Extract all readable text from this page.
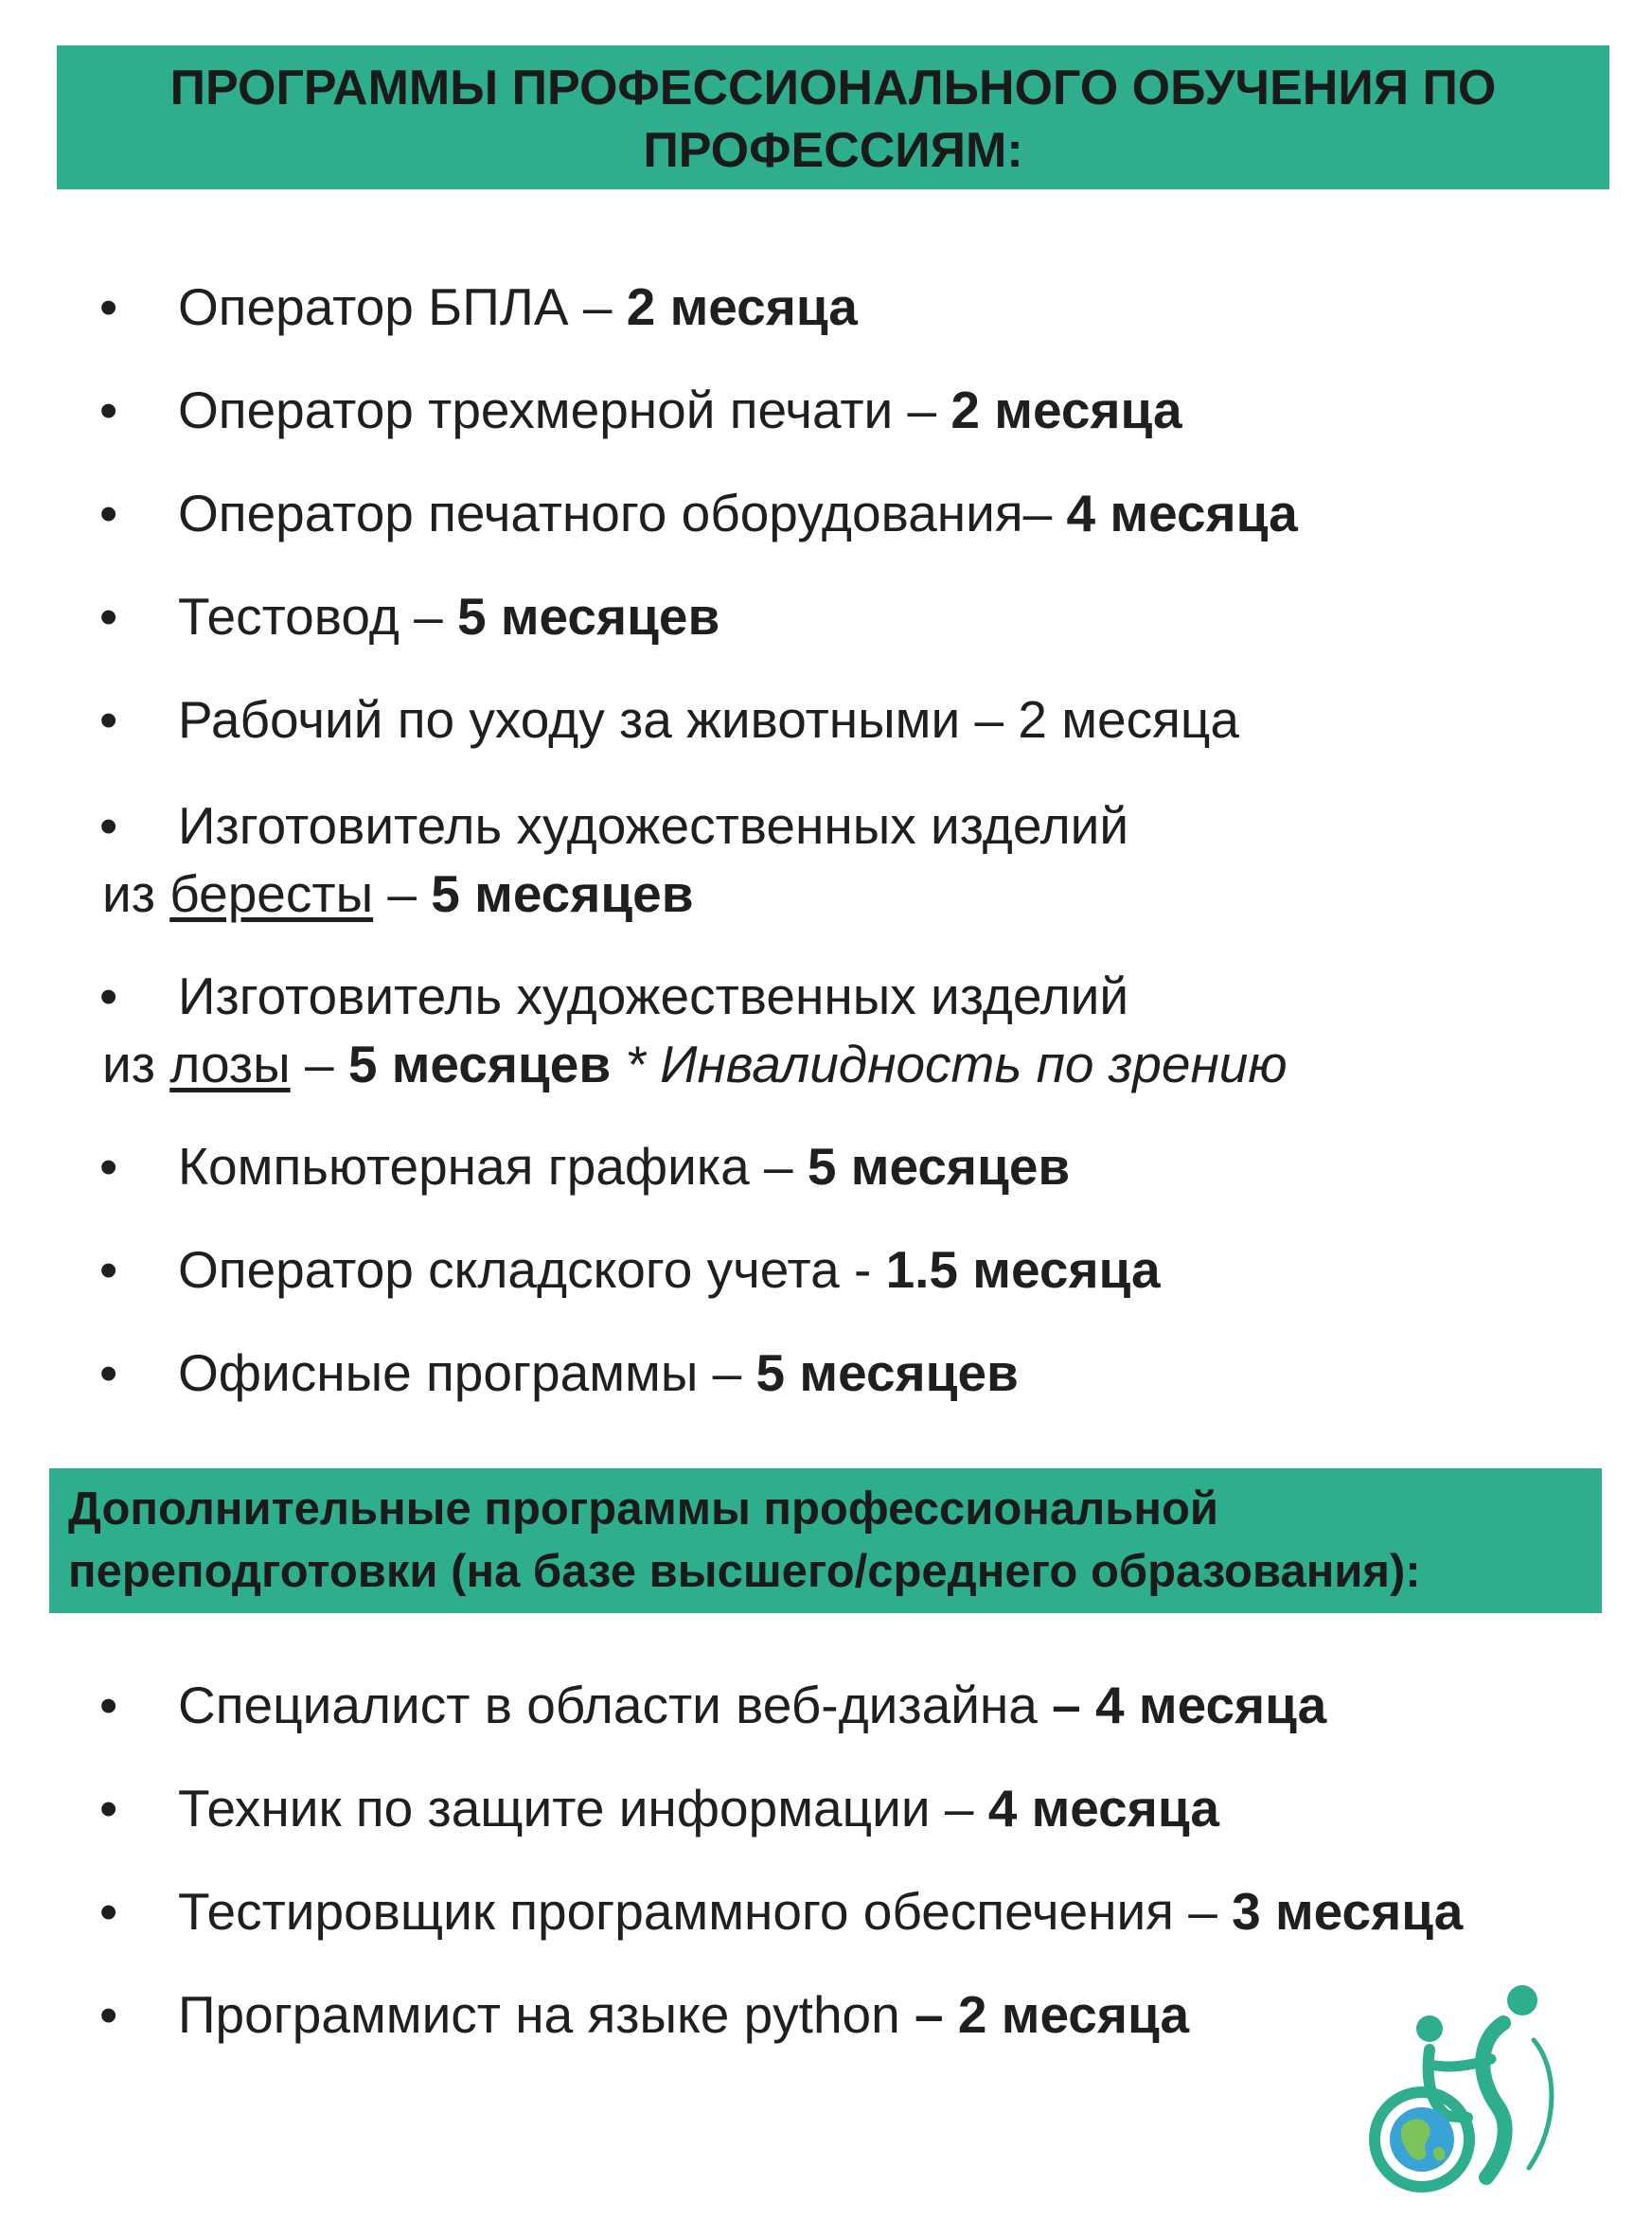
ПРОГРАММЫ ПРОФЕССИОНАЛЬНОГО ОБУЧЕНИЯ ПО
ПРОФЕССИЯМ:
• Оператор БПЛА – 2 месяца
• Оператор трехмерной печати – 2 месяца
• Оператор печатного оборудования– 4 месяца
• Тестовод – 5 месяцев
• Рабочий по уходу за животными – 2 месяца
• Изготовитель художественных изделий
из бересты – 5 месяцев
• Изготовитель художественных изделий
из лозы – 5 месяцев * Инвалидность по зрению
• Компьютерная графика – 5 месяцев
• Оператор складского учета - 1.5 месяца
• Офисные программы – 5 месяцев
Дополнительные программы профессиональной
переподготовки (на базе высшего/среднего образования):
• Специалист в области веб-дизайна – 4 месяца
• Техник по защите информации – 4 месяца
• Тестировщик программного обеспечения – 3 месяца
• Программист на языке python – 2 месяца
